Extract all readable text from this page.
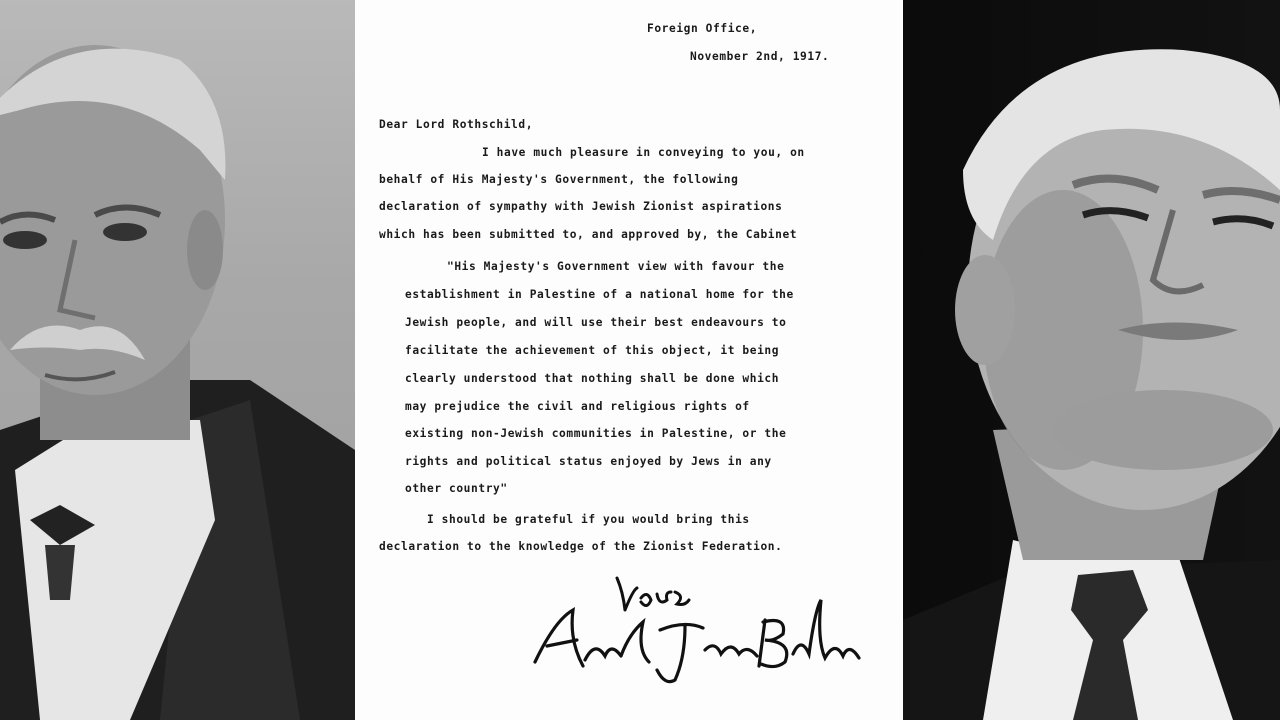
Foreign Office,
November 2nd, 1917.
Dear Lord Rothschild,
I have much pleasure in conveying to you, on
behalf of His Majesty's Government, the following
declaration of sympathy with Jewish Zionist aspirations
which has been submitted to, and approved by, the Cabinet
"His Majesty's Government view with favour the
establishment in Palestine of a national home for the
Jewish people, and will use their best endeavours to
facilitate the achievement of this object, it being
clearly understood that nothing shall be done which
may prejudice the civil and religious rights of
existing non-Jewish communities in Palestine, or the
rights and political status enjoyed by Jews in any
other country"
I should be grateful if you would bring this
declaration to the knowledge of the Zionist Federation.
